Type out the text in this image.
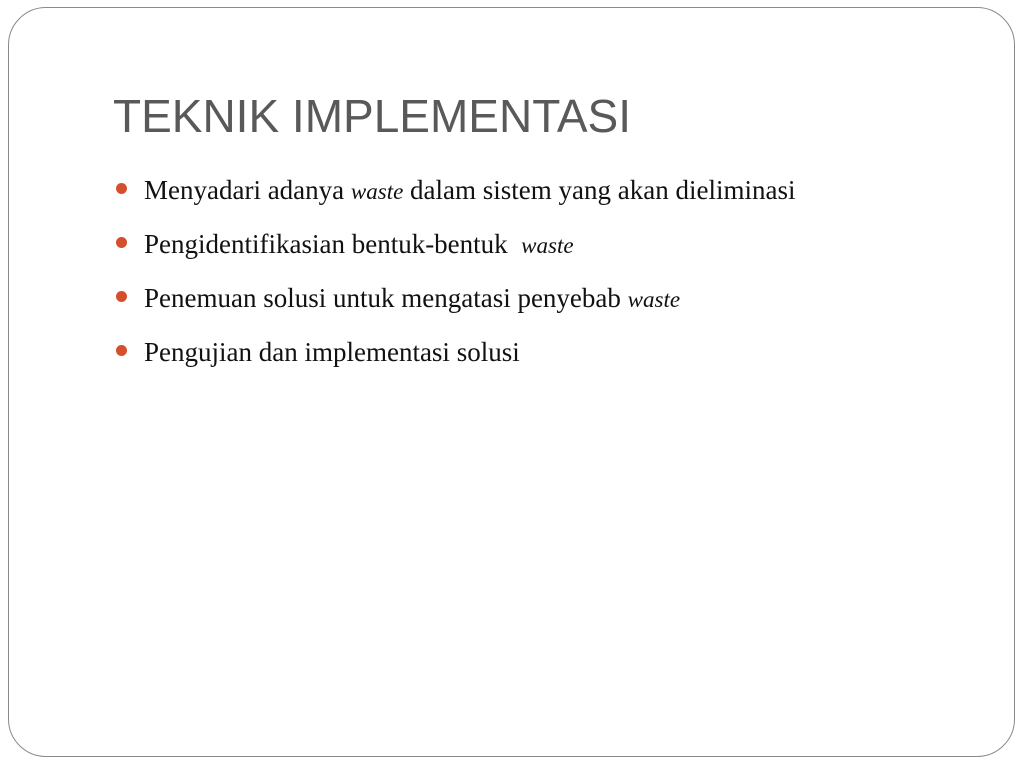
TEKNIK IMPLEMENTASI
Menyadari adanya waste dalam sistem yang akan dieliminasi
Pengidentifikasian bentuk-bentuk  waste
Penemuan solusi untuk mengatasi penyebab waste
Pengujian dan implementasi solusi
